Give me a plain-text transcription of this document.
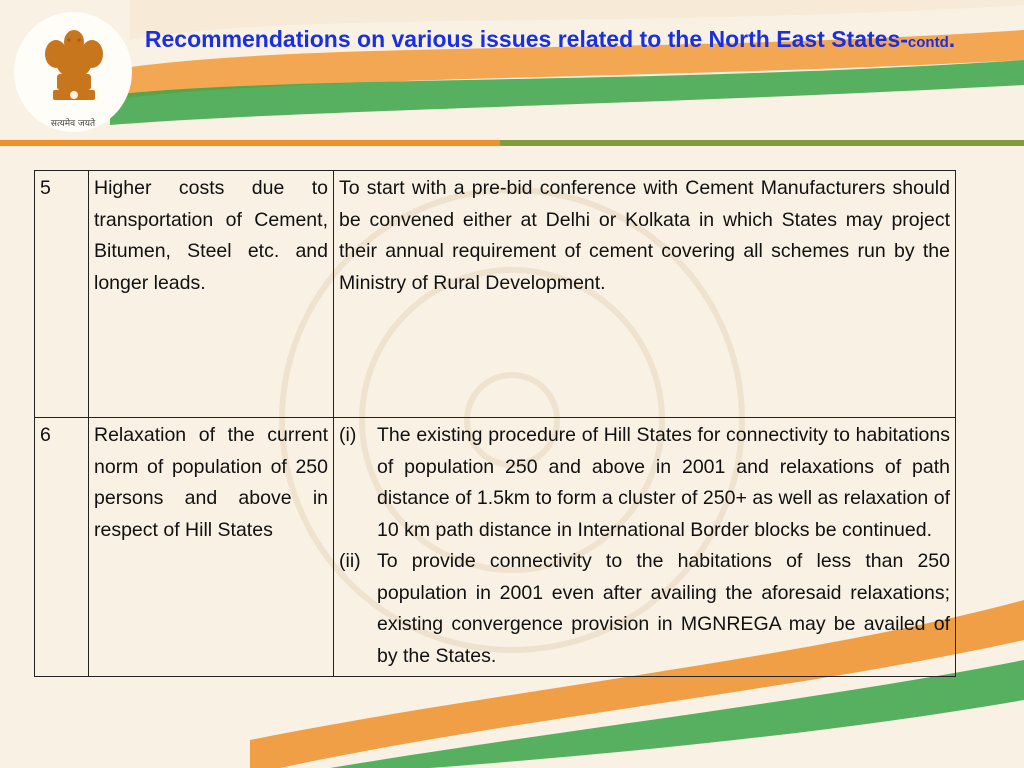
सत्यमेव जयते
Recommendations on various issues related to the North East States-contd.
5	Higher costs due to transportation of Cement, Bitumen, Steel etc. and longer leads.	To start with a pre-bid conference with Cement Manufacturers should be convened either at Delhi or Kolkata in which States may project their annual requirement of cement covering all schemes run by the Ministry of Rural Development.
6	Relaxation of the current norm of population of 250 persons and above in respect of Hill States	(i) The existing procedure of Hill States for connectivity to habitations of population 250 and above in 2001 and relaxations of path distance of 1.5km to form a cluster of 250+ as well as relaxation of 10 km path distance in International Border blocks be continued.
(ii) To provide connectivity to the habitations of less than 250 population in 2001 even after availing the aforesaid relaxations; existing convergence provision in MGNREGA may be availed of by the States.
